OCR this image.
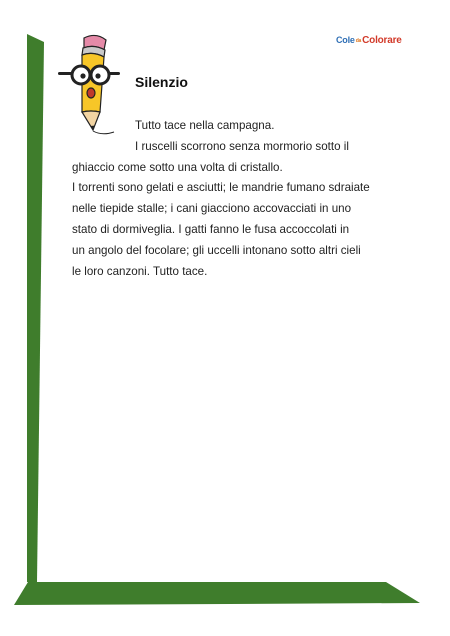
ColedaColorare
Silenzio
Tutto tace nella campagna.
I ruscelli scorrono senza mormorio sotto il
ghiaccio come sotto una volta di cristallo.
I torrenti sono gelati e asciutti; le mandrie fumano sdraiate
nelle tiepide stalle; i cani giacciono accovacciati in uno
stato di dormiveglia. I gatti fanno le fusa accoccolati in
un angolo del focolare; gli uccelli intonano sotto altri cieli
le loro canzoni. Tutto tace.
